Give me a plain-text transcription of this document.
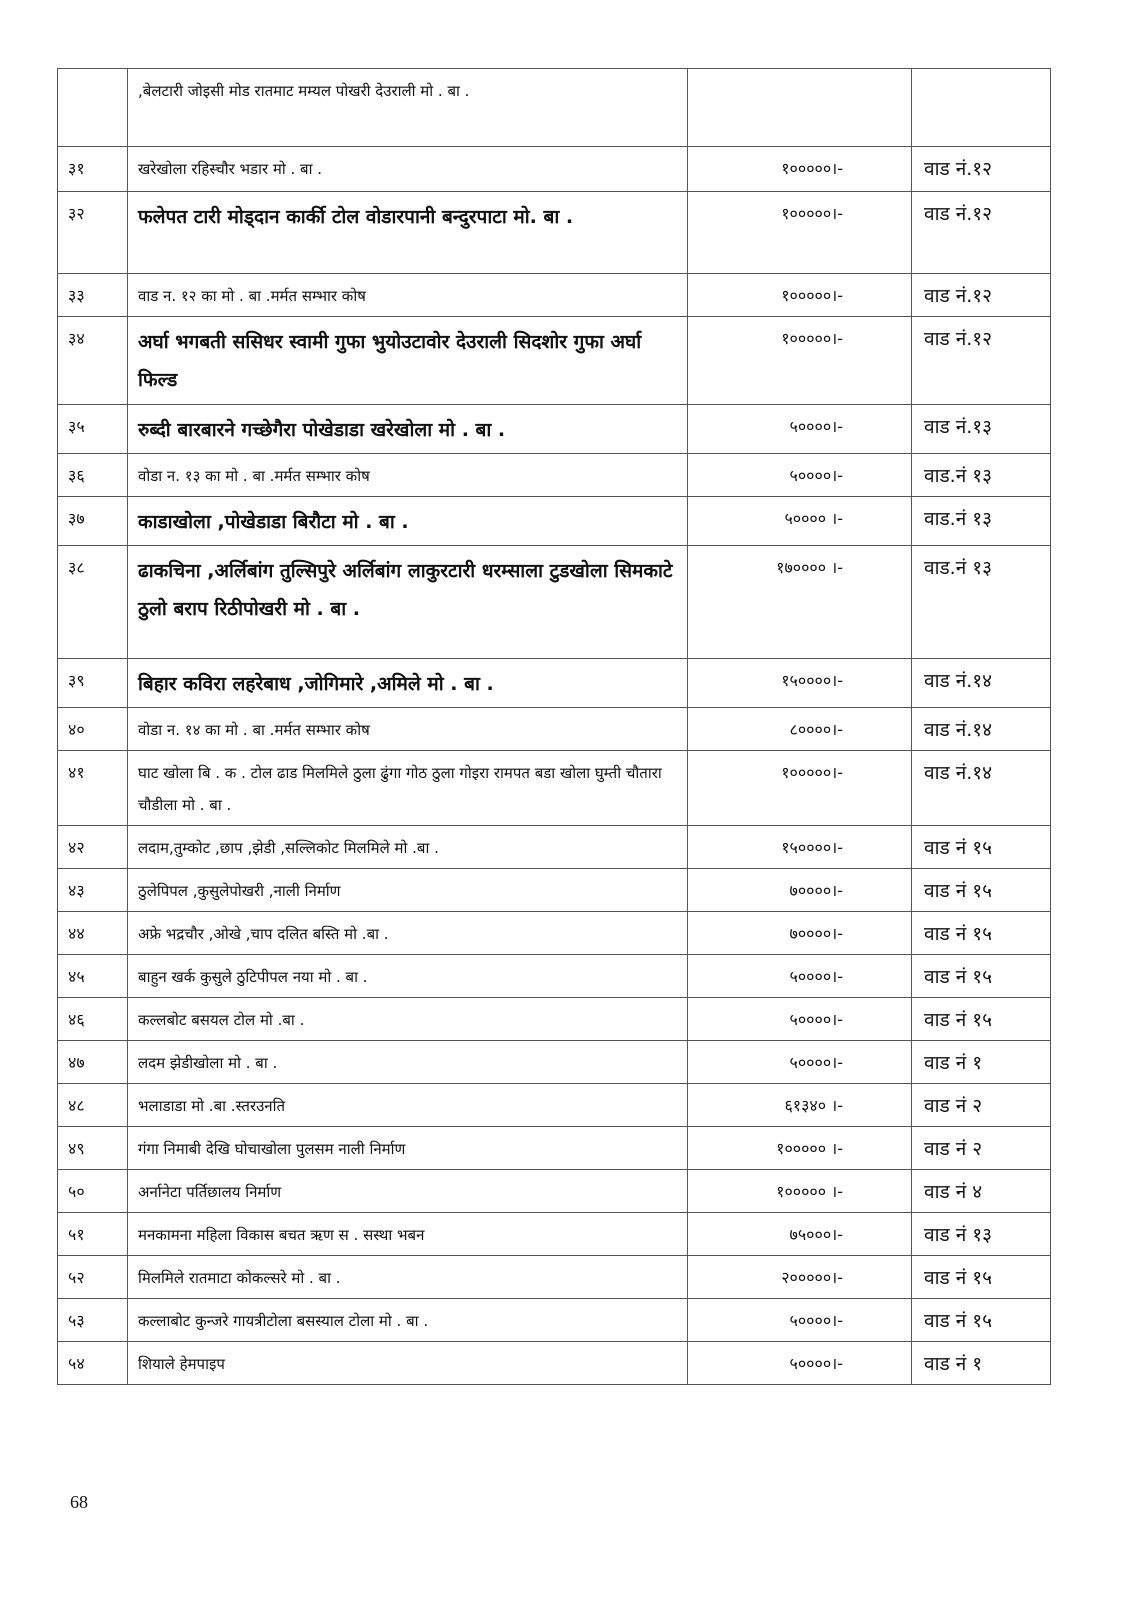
	,बेलटारी जोइसी मोड रातमाट मम्यल पोखरी देउराली मो . बा .		
३१	खरेखोला रहिस्चौर भडार मो . बा .	१०००००।-	वाड नं.१२
३२	फलेपत टारी मोड्दान कार्की टोल वोडारपानी बन्दुरपाटा मो. बा .	१०००००।-	वाड नं.१२
३३	वाड न. १२ का मो . बा .मर्मत सम्भार कोष	१०००००।-	वाड नं.१२
३४	अर्घा भगबती ससिधर स्वामी गुफा भुयोउटावोर देउराली सिदशोर गुफा अर्घा फिल्ड	१०००००।-	वाड नं.१२
३५	रुब्दी बारबारने गच्छेगैरा पोखेडाडा खरेखोला मो . बा .	५००००।-	वाड नं.१३
३६	वोडा न. १३ का मो . बा .मर्मत सम्भार कोष	५००००।-	वाड.नं १३
३७	काडाखोला ,पोखेडाडा बिरौटा मो . बा .	५०००० ।-	वाड.नं १३
३८	ढाकचिना ,अर्लिबांग तुल्सिपुरे अर्लिबांग लाकुरटारी धरम्साला टुडखोला सिमकाटे ठुलो बराप रिठीपोखरी मो . बा .	१७०००० ।-	वाड.नं १३
३९	बिहार कविरा लहरेबाध ,जोगिमारे ,अमिले मो . बा .	१५००००।-	वाड नं.१४
४०	वोडा न. १४ का मो . बा .मर्मत सम्भार कोष	८००००।-	वाड नं.१४
४१	घाट खोला बि . क . टोल ढाड मिलमिले ठुला ढुंगा गोठ ठुला गोइरा रामपत बडा खोला घुम्ती चौतारा चौडीला मो . बा .	१०००००।-	वाड नं.१४
४२	लदाम,तुम्कोट ,छाप ,झेडी ,सल्लिकोट मिलमिले मो .बा .	१५००००।-	वाड नं १५
४३	ठुलेपिपल ,कुसुलेपोखरी ,नाली निर्माण	७००००।-	वाड नं १५
४४	अफ्रे भद्रचौर ,ओखे ,चाप दलित बस्ति मो .बा .	७००००।-	वाड नं १५
४५	बाहुन खर्क कुसुले ठुटिपीपल नया मो . बा .	५००००।-	वाड नं १५
४६	कल्लबोट बसयल टोल मो .बा .	५००००।-	वाड नं १५
४७	लदम झेडीखोला मो . बा .	५००००।-	वाड नं १
४८	भलाडाडा मो .बा .स्तरउनति	६१३४० ।-	वाड नं २
४९	गंगा निमाबी देखि घोचाखोला पुलसम नाली निर्माण	१००००० ।-	वाड नं २
५०	अर्नानेटा पर्तिछालय निर्माण	१००००० ।-	वाड नं ४
५१	मनकामना महिला विकास बचत ऋण स . सस्था भबन	७५०००।-	वाड नं १३
५२	मिलमिले रातमाटा कोकल्सरे मो . बा .	२०००००।-	वाड नं १५
५३	कल्लाबोट कुन्जरे गायत्रीटोला बसस्याल टोला मो . बा .	५००००।-	वाड नं १५
५४	शियाले हेमपाइप	५००००।-	वाड नं १
68
